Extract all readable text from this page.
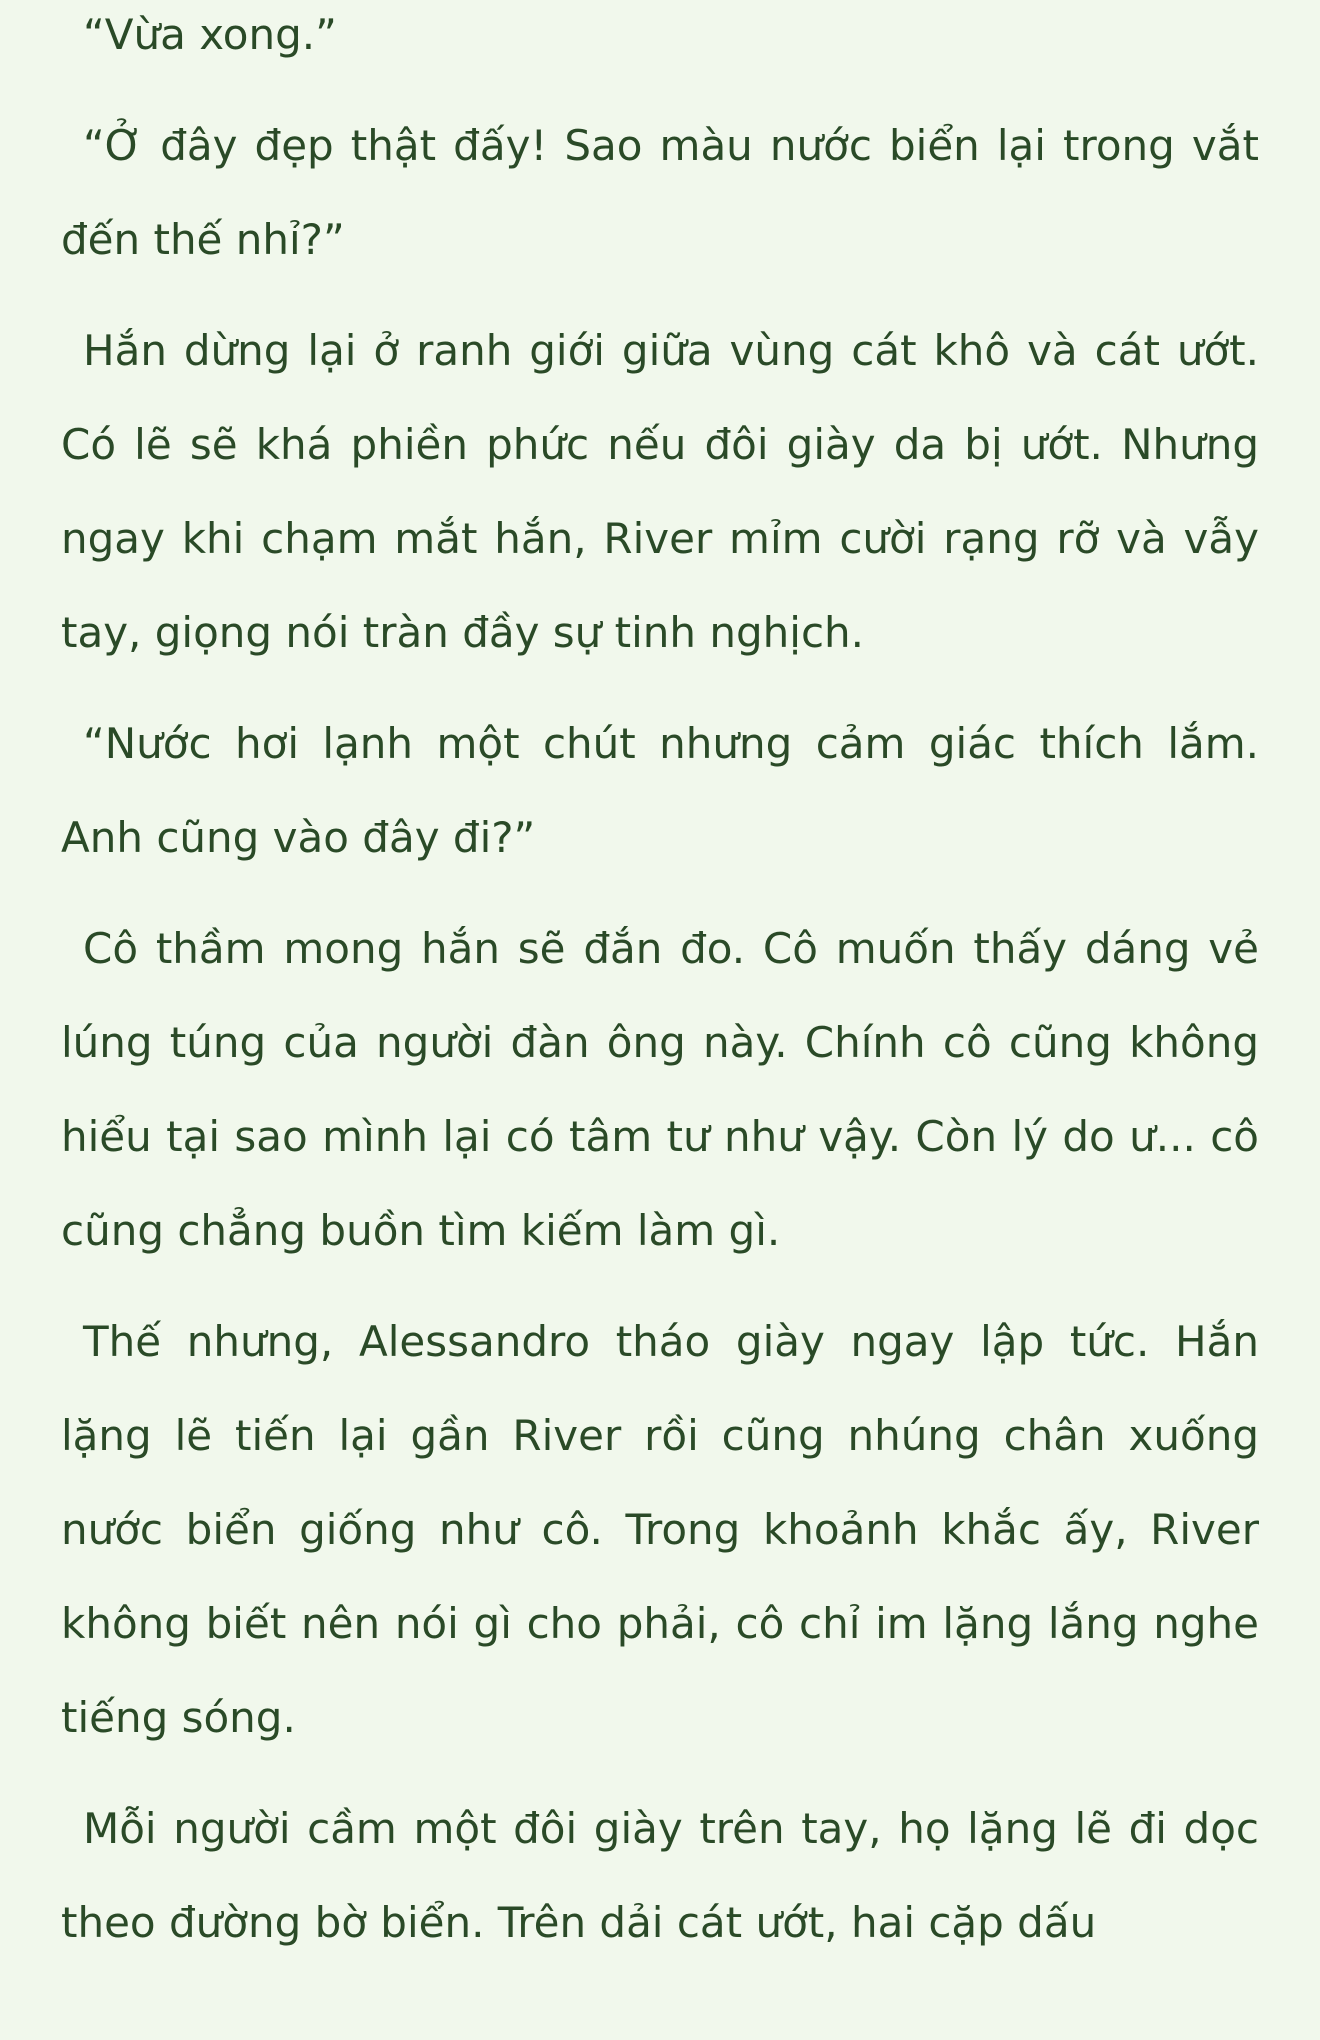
“Vừa xong.”

“Ở đây đẹp thật đấy! Sao màu nước biển lại trong vắt đến thế nhỉ?”

Hắn dừng lại ở ranh giới giữa vùng cát khô và cát ướt. Có lẽ sẽ khá phiền phức nếu đôi giày da bị ướt. Nhưng ngay khi chạm mắt hắn, River mỉm cười rạng rỡ và vẫy tay, giọng nói tràn đầy sự tinh nghịch.

“Nước hơi lạnh một chút nhưng cảm giác thích lắm. Anh cũng vào đây đi?”

Cô thầm mong hắn sẽ đắn đo. Cô muốn thấy dáng vẻ lúng túng của người đàn ông này. Chính cô cũng không hiểu tại sao mình lại có tâm tư như vậy. Còn lý do ư... cô cũng chẳng buồn tìm kiếm làm gì.

Thế nhưng, Alessandro tháo giày ngay lập tức. Hắn lặng lẽ tiến lại gần River rồi cũng nhúng chân xuống nước biển giống như cô. Trong khoảnh khắc ấy, River không biết nên nói gì cho phải, cô chỉ im lặng lắng nghe tiếng sóng.

Mỗi người cầm một đôi giày trên tay, họ lặng lẽ đi dọc theo đường bờ biển. Trên dải cát ướt, hai cặp dấu
